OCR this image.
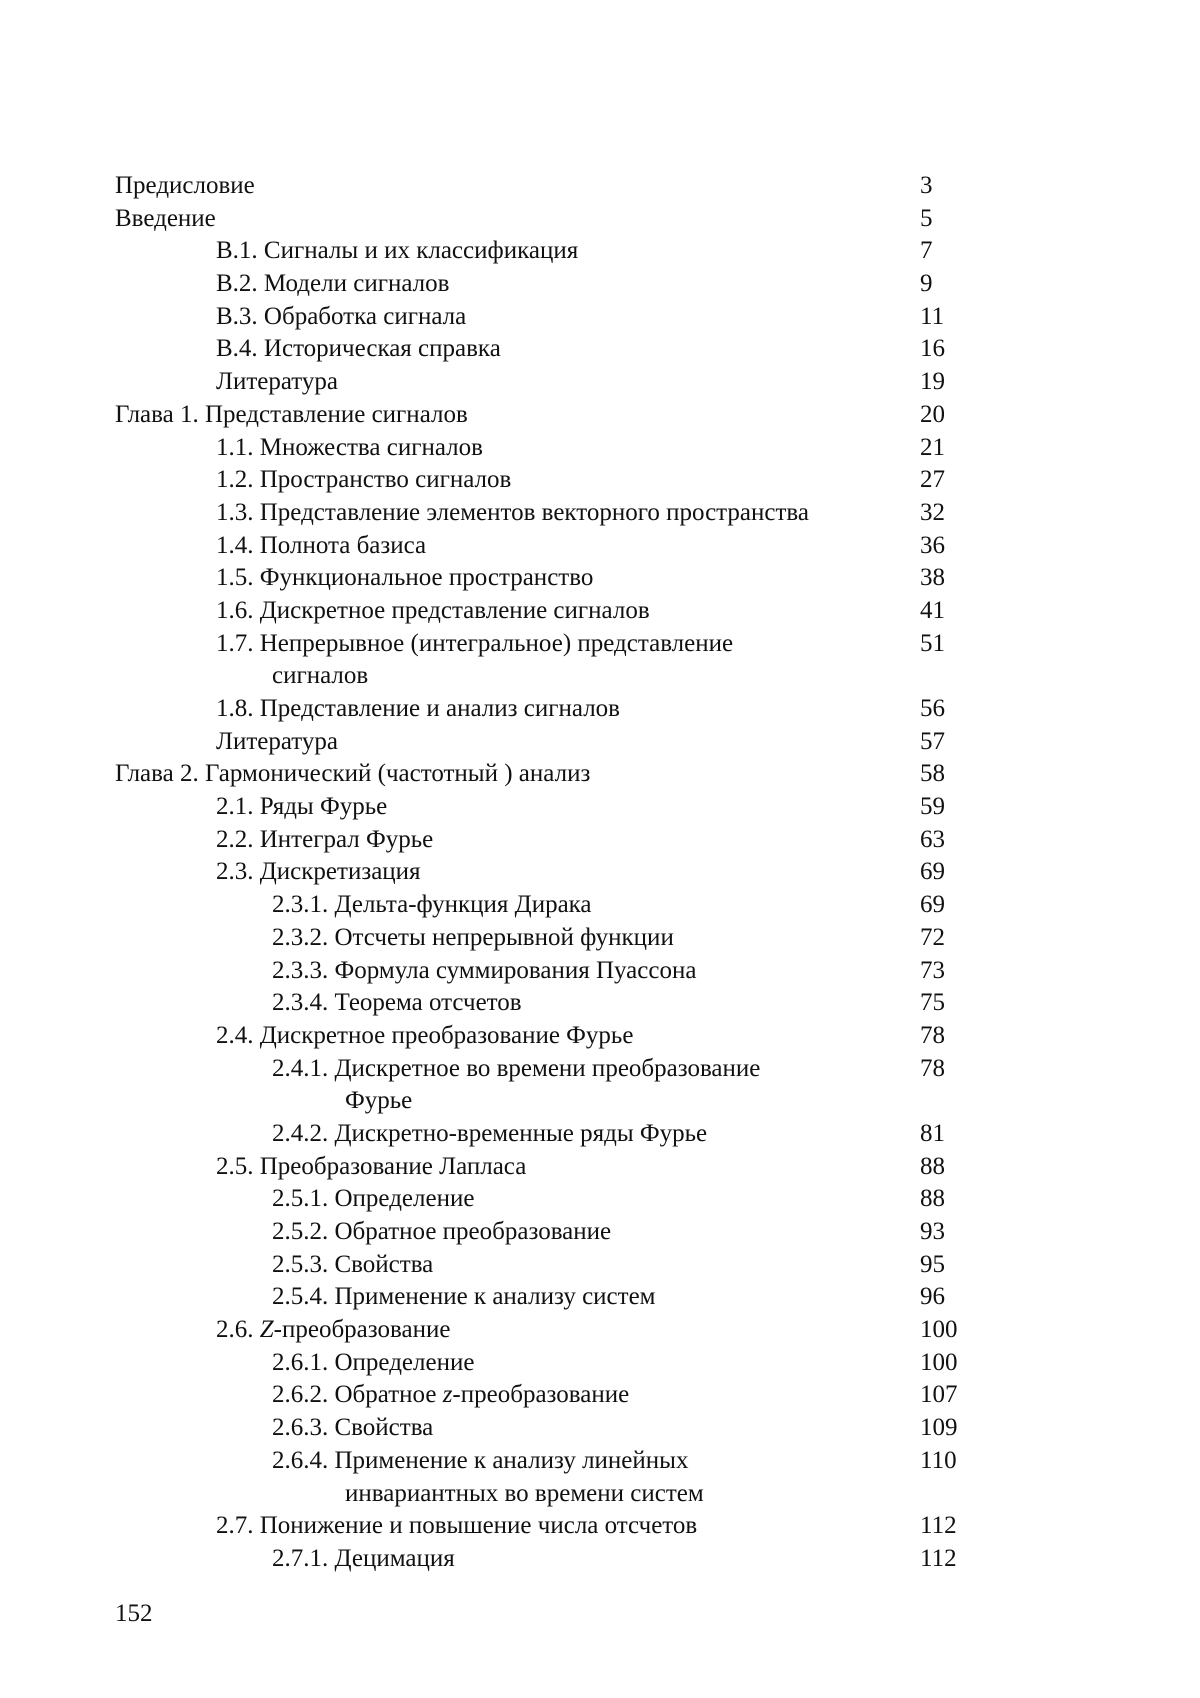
Предисловие	3
Введение	5
В.1. Сигналы и их классификация	7
В.2. Модели сигналов	9
В.3. Обработка сигнала	11
В.4. Историческая справка	16
Литература	19
Глава 1. Представление сигналов	20
1.1. Множества сигналов	21
1.2. Пространство сигналов	27
1.3. Представление элементов векторного пространства	32
1.4. Полнота базиса	36
1.5. Функциональное пространство	38
1.6. Дискретное представление сигналов	41
1.7. Непрерывное (интегральное) представление	51
сигналов
1.8. Представление и анализ сигналов	56
Литература	57
Глава 2. Гармонический (частотный ) анализ	58
2.1. Ряды Фурье	59
2.2. Интеграл Фурье	63
2.3. Дискретизация	69
2.3.1. Дельта-функция Дирака	69
2.3.2. Отсчеты непрерывной функции	72
2.3.3. Формула суммирования Пуассона	73
2.3.4. Теорема отсчетов	75
2.4. Дискретное преобразование Фурье	78
2.4.1. Дискретное во времени преобразование	78
Фурье
2.4.2. Дискретно-временные ряды Фурье	81
2.5. Преобразование Лапласа	88
2.5.1. Определение	88
2.5.2. Обратное преобразование	93
2.5.3. Свойства	95
2.5.4. Применение к анализу систем	96
2.6. Z-преобразование	100
2.6.1. Определение	100
2.6.2. Обратное z-преобразование	107
2.6.3. Свойства	109
2.6.4. Применение к анализу линейных	110
инвариантных во времени систем
2.7. Понижение и повышение числа отсчетов	112
2.7.1. Децимация	112
152
